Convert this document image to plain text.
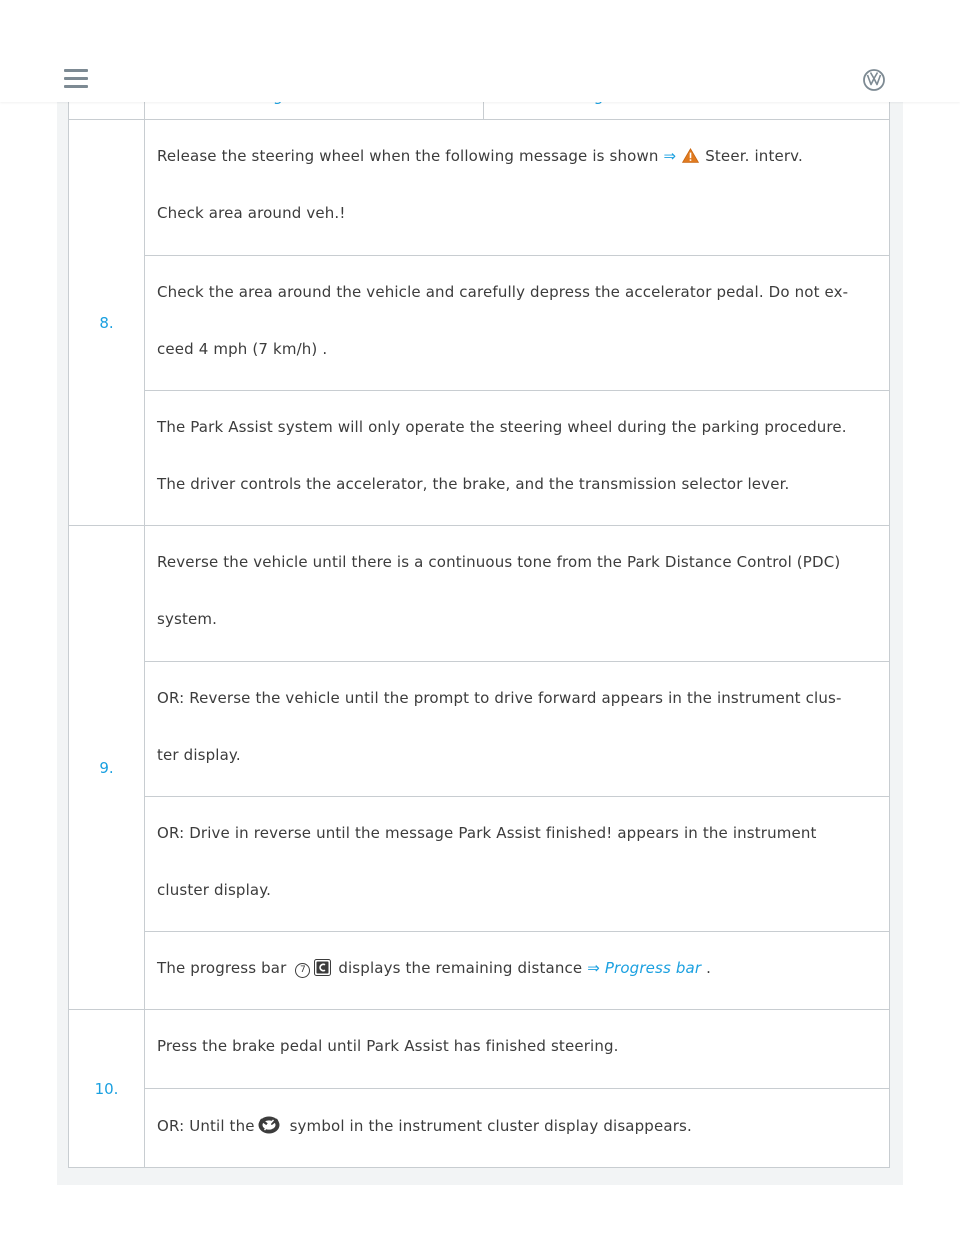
8.
Release the steering wheel when the following message is shown ⇒ Steer. interv.
Check area around veh.!
Check the area around the vehicle and carefully depress the accelerator pedal. Do not ex-
ceed 4 mph (7 km/h) .
The Park Assist system will only operate the steering wheel during the parking procedure.
The driver controls the accelerator, the brake, and the transmission selector lever.
9.
Reverse the vehicle until there is a continuous tone from the Park Distance Control (PDC)
system.
OR: Reverse the vehicle until the prompt to drive forward appears in the instrument clus-
ter display.
OR: Drive in reverse until the message Park Assist finished! appears in the instrument
cluster display.
The progress bar 7 displays the remaining distance ⇒ Progress bar .
10.
Press the brake pedal until Park Assist has finished steering.
OR: Until the symbol in the instrument cluster display disappears.
